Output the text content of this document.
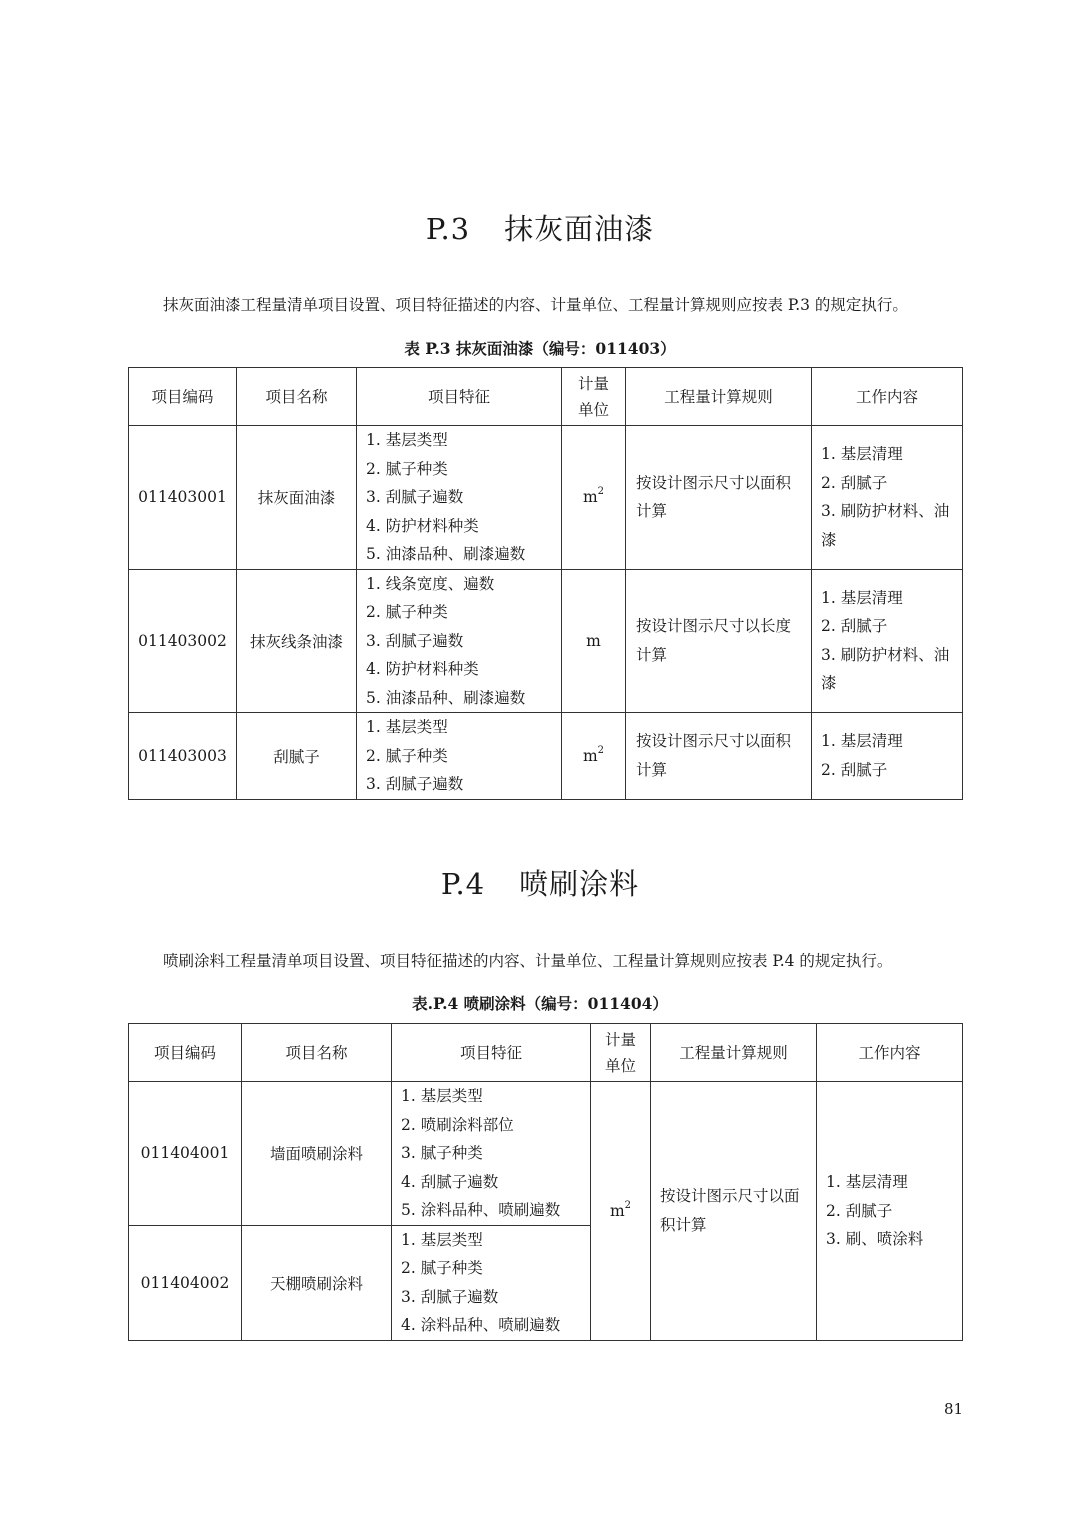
P.3 抹灰面油漆

抹灰面油漆工程量清单项目设置、项目特征描述的内容、计量单位、工程量计算规则应按表 P.3 的规定执行。

表 P.3 抹灰面油漆（编号：011403）

项目编码	项目名称	项目特征	计量单位	工程量计算规则	工作内容
011403001	抹灰面油漆	1. 基层类型
2. 腻子种类
3. 刮腻子遍数
4. 防护材料种类
5. 油漆品种、刷漆遍数	$m^2$	按设计图示尺寸以面积计算	1. 基层清理
2. 刮腻子
3. 刷防护材料、油漆

011403002	抹灰线条油漆	1. 线条宽度、遍数
2. 腻子种类
3. 刮腻子遍数
4. 防护材料种类
5. 油漆品种、刷漆遍数	m	按设计图示尺寸以长度计算	1. 基层清理
2. 刮腻子
3. 刷防护材料、油漆

011403003	刮腻子	1. 基层类型
2. 腻子种类
3. 刮腻子遍数	$m^2$	按设计图示尺寸以面积计算	1. 基层清理
2. 刮腻子
P.4 喷刷涂料

喷刷涂料工程量清单项目设置、项目特征描述的内容、计量单位、工程量计算规则应按表 P.4 的规定执行。

表.P.4 喷刷涂料（编号：011404）

项目编码	项目名称	项目特征	计量单位	工程量计算规则	工作内容
011404001	墙面喷刷涂料	1. 基层类型
2. 喷刷涂料部位
3. 腻子种类
4. 刮腻子遍数
5. 涂料品种、喷刷遍数	$m^2$	按设计图示尺寸以面积计算	1. 基层清理
2. 刮腻子
3. 刷、喷涂料

011404002	天棚喷刷涂料	1. 基层类型
2. 腻子种类
3. 刮腻子遍数
4. 涂料品种、喷刷遍数			

81
